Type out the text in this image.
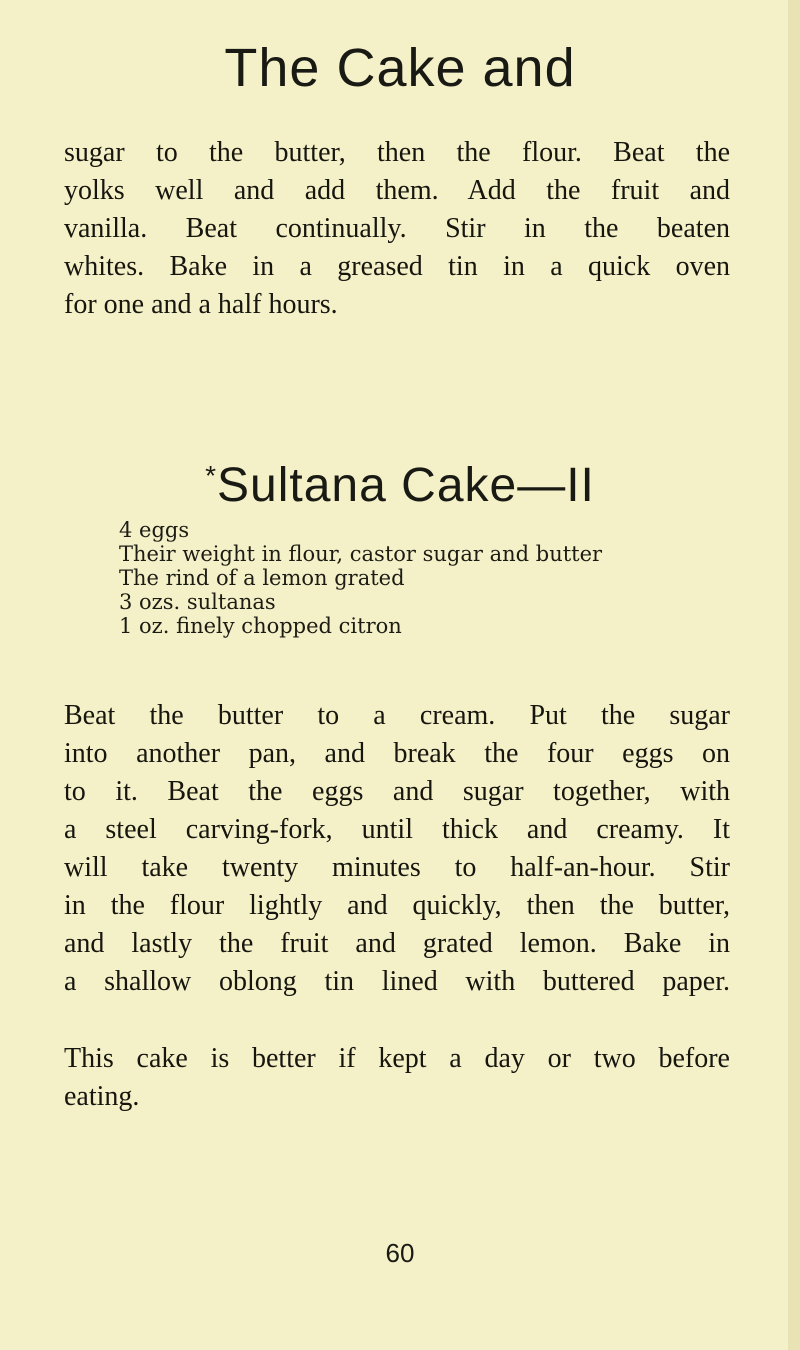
The Cake and

sugar to the butter, then the flour. Beat the
yolks well and add them. Add the fruit and
vanilla. Beat continually. Stir in the beaten
whites. Bake in a greased tin in a quick oven
for one and a half hours.

*Sultana Cake—II
4 eggs
Their weight in flour, castor sugar and butter
The rind of a lemon grated
3 ozs. sultanas
1 oz. finely chopped citron

Beat the butter to a cream. Put the sugar
into another pan, and break the four eggs on
to it. Beat the eggs and sugar together, with
a steel carving-fork, until thick and creamy. It
will take twenty minutes to half-an-hour. Stir
in the flour lightly and quickly, then the butter,
and lastly the fruit and grated lemon. Bake in
a shallow oblong tin lined with buttered paper.

This cake is better if kept a day or two before
eating.

60
